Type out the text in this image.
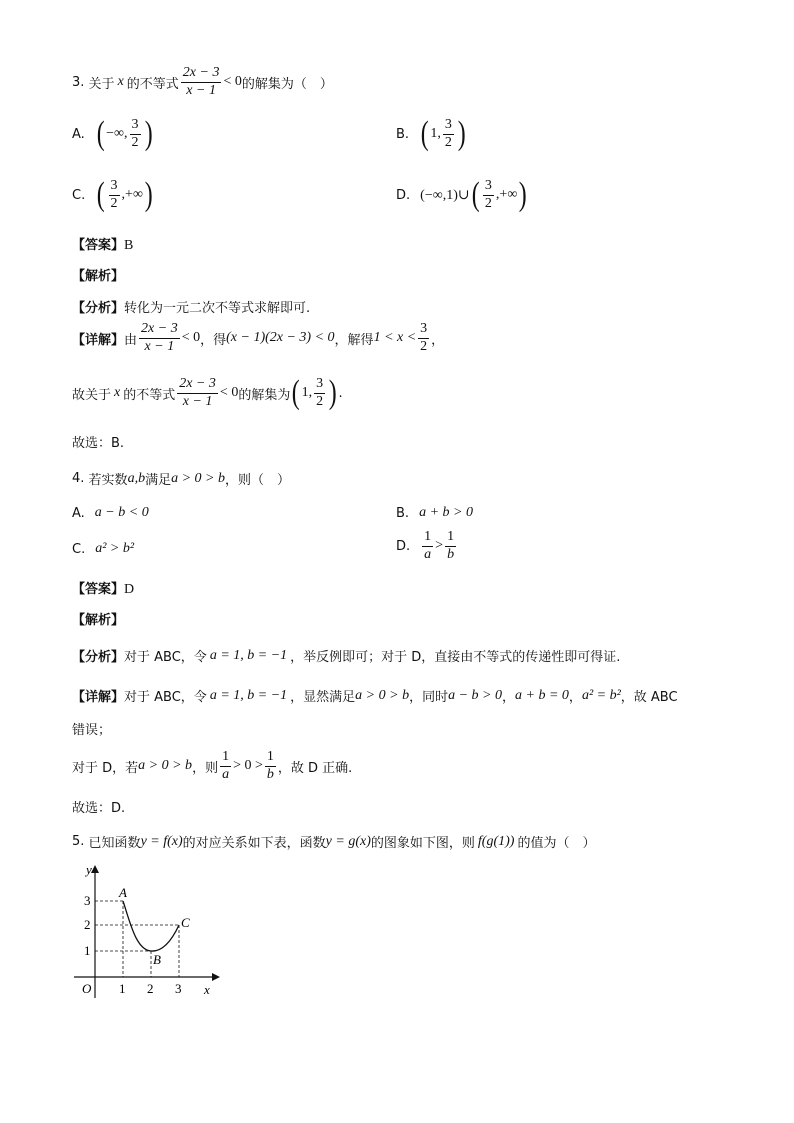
3.
关于 x 的不等式 $\frac{2x - 3}{x - 1} < 0$ 的解集为（　）
A. ( −∞, $\frac{3}{2}$ )	B. ( 1, $\frac{3}{2}$ )
C. ( $\frac{3}{2}$ ,+∞ )	D. (−∞,1)∪ ( $\frac{3}{2}$ ,+∞ )
【答案】B
【解析】
【分析】转化为一元二次不等式求解即可.
【详解】 由 $\frac{2x - 3}{x - 1} < 0$ ，得 (x − 1)(2x − 3) < 0 ，解得 $1 < x < \frac{3}{2}$ ，
故关于 x 的不等式 $\frac{2x - 3}{x - 1} < 0$ 的解集为 ( 1, $\frac{3}{2}$ ) .
故选：B.
4.
若实数 a,b 满足 a > 0 > b ，则（　）
A. a − b < 0	B. a + b > 0
C. a² > b²	D. $\frac{1}{a} > \frac{1}{b}$
【答案】D
【解析】
【分析】 对于 ABC，令 a = 1, b = −1 ，举反例即可；对于 D，直接由不等式的传递性即可得证.
【详解】 对于 ABC，令 a = 1, b = −1 ，显然满足 a > 0 > b ，同时 a − b > 0 ， a + b = 0 ， a² = b² ，故 ABC
错误；
对于 D，若 a > 0 > b ，则 $\frac{1}{a} > 0 > \frac{1}{b}$ ，故 D 正确.
故选：D.
5.
已知函数 y = f(x) 的对应关系如下表，函数 y = g(x) 的图象如下图，则 f(g(1)) 的值为（　）
y
x
O
3
2
1
1 2 3
A
B
C
